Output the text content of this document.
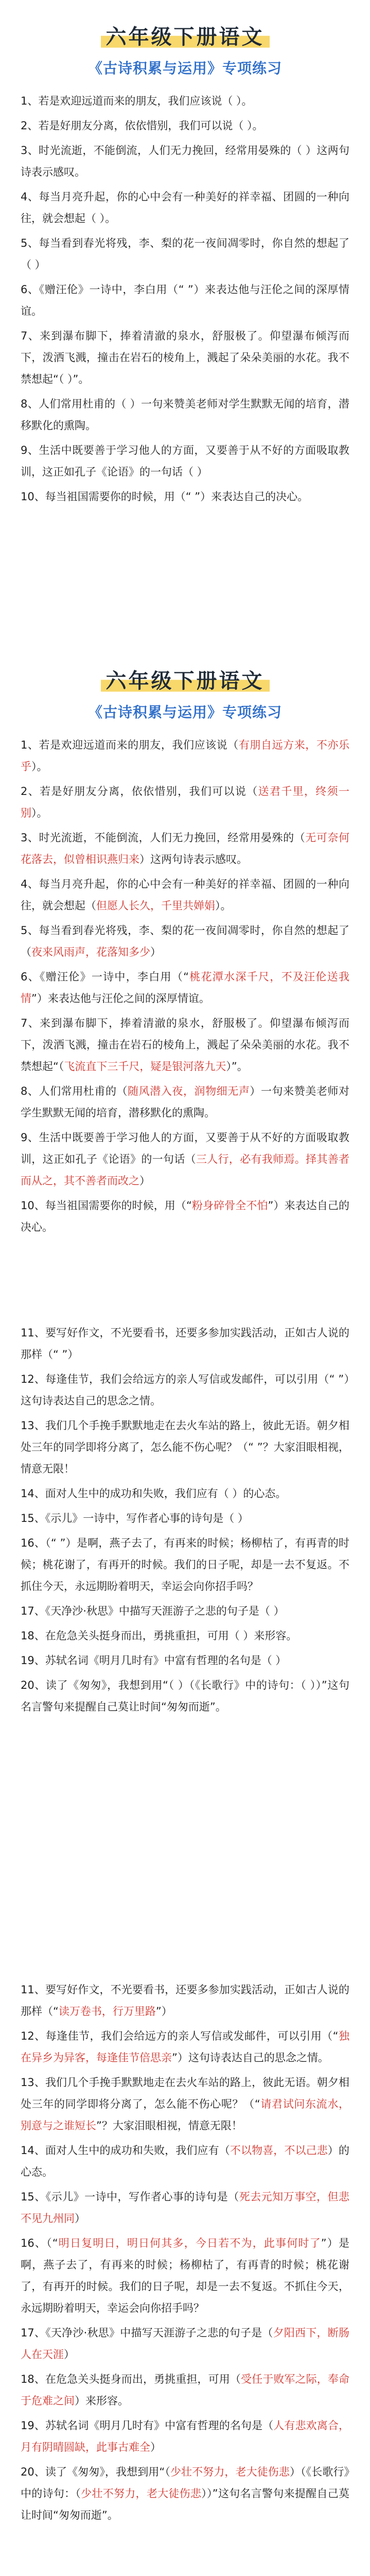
六年级下册语文
《古诗积累与运用》专项练习
1、若是欢迎远道而来的朋友，我们应该说（ ）。
2、若是好朋友分离，依依惜别，我们可以说（ ）。
3、时光流逝，不能倒流，人们无力挽回，经常用晏殊的（ ）这两句诗表示感叹。
4、每当月亮升起，你的心中会有一种美好的祥幸福、团圆的一种向往，就会想起（ ）。
5、每当看到春光将残，李、梨的花一夜间凋零时，你自然的想起了（ ）
6、《赠汪伦》一诗中，李白用（“ ”）来表达他与汪伦之间的深厚情谊。
7、来到瀑布脚下，捧着清澈的泉水，舒服极了。仰望瀑布倾泻而下，泼洒飞溅，撞击在岩石的棱角上，溅起了朵朵美丽的水花。我不禁想起“（ ）”。
8、人们常用杜甫的（ ）一句来赞美老师对学生默默无闻的培育，潜移默化的熏陶。
9、生活中既要善于学习他人的方面，又要善于从不好的方面吸取教训，这正如孔子《论语》的一句话（ ）
10、每当祖国需要你的时候，用（“ ”）来表达自己的决心。
六年级下册语文
《古诗积累与运用》专项练习
1、若是欢迎远道而来的朋友，我们应该说（有朋自远方来，不亦乐乎）。
2、若是好朋友分离，依依惜别，我们可以说（送君千里，终须一别）。
3、时光流逝，不能倒流，人们无力挽回，经常用晏殊的（无可奈何花落去，似曾相识燕归来）这两句诗表示感叹。
4、每当月亮升起，你的心中会有一种美好的祥幸福、团圆的一种向往，就会想起（但愿人长久，千里共婵娟）。
5、每当看到春光将残，李、梨的花一夜间凋零时，你自然的想起了（夜来风雨声，花落知多少）
6、《赠汪伦》一诗中，李白用（“桃花潭水深千尺，不及汪伦送我情”）来表达他与汪伦之间的深厚情谊。
7、来到瀑布脚下，捧着清澈的泉水，舒服极了。仰望瀑布倾泻而下，泼洒飞溅，撞击在岩石的棱角上，溅起了朵朵美丽的水花。我不禁想起“（飞流直下三千尺，疑是银河落九天）”。
8、人们常用杜甫的（随风潜入夜，润物细无声）一句来赞美老师对学生默默无闻的培育，潜移默化的熏陶。
9、生活中既要善于学习他人的方面，又要善于从不好的方面吸取教训，这正如孔子《论语》的一句话（三人行，必有我师焉。择其善者而从之，其不善者而改之）
10、每当祖国需要你的时候，用（“粉身碎骨全不怕”）来表达自己的决心。
11、要写好作文，不光要看书，还要多参加实践活动，正如古人说的那样（“ ”）
12、每逢佳节，我们会给远方的亲人写信或发邮件，可以引用（“ ”）这句诗表达自己的思念之情。
13、我们几个手挽手默默地走在去火车站的路上，彼此无语。朝夕相处三年的同学即将分离了，怎么能不伤心呢？（“ ”？大家泪眼相视，情意无限！
14、面对人生中的成功和失败，我们应有（ ）的心态。
15、《示儿》一诗中，写作者心事的诗句是（ ）
16、（“ ”）是啊，燕子去了，有再来的时候；杨柳枯了，有再青的时候；桃花谢了，有再开的时候。我们的日子呢，却是一去不复返。不抓住今天，永远期盼着明天，幸运会向你招手吗？
17、《天净沙·秋思》中描写天涯游子之悲的句子是（ ）
18、在危急关头挺身而出，勇挑重担，可用（ ）来形容。
19、苏轼名词《明月几时有》中富有哲理的名句是（ ）
20、读了《匆匆》，我想到用“（ ）（《长歌行》中的诗句：（ ））”这句名言警句来提醒自己莫让时间“匆匆而逝”。
11、要写好作文，不光要看书，还要多参加实践活动，正如古人说的那样（“读万卷书，行万里路”）
12、每逢佳节，我们会给远方的亲人写信或发邮件，可以引用（“独在异乡为异客，每逢佳节倍思亲”）这句诗表达自己的思念之情。
13、我们几个手挽手默默地走在去火车站的路上，彼此无语。朝夕相处三年的同学即将分离了，怎么能不伤心呢？（“请君试问东流水，别意与之谁短长”？大家泪眼相视，情意无限！
14、面对人生中的成功和失败，我们应有（不以物喜，不以己悲）的心态。
15、《示儿》一诗中，写作者心事的诗句是（死去元知万事空，但悲不见九州同）
16、（“明日复明日，明日何其多，今日若不为，此事何时了”）是啊，燕子去了，有再来的时候；杨柳枯了，有再青的时候；桃花谢了，有再开的时候。我们的日子呢，却是一去不复返。不抓住今天，永远期盼着明天，幸运会向你招手吗？
17、《天净沙·秋思》中描写天涯游子之悲的句子是（夕阳西下，断肠人在天涯）
18、在危急关头挺身而出，勇挑重担，可用（受任于败军之际，奉命于危难之间）来形容。
19、苏轼名词《明月几时有》中富有哲理的名句是（人有悲欢离合，月有阴晴圆缺，此事古难全）
20、读了《匆匆》，我想到用“（少壮不努力，老大徒伤悲）（《长歌行》中的诗句：（少壮不努力，老大徒伤悲））”这句名言警句来提醒自己莫让时间“匆匆而逝”。
